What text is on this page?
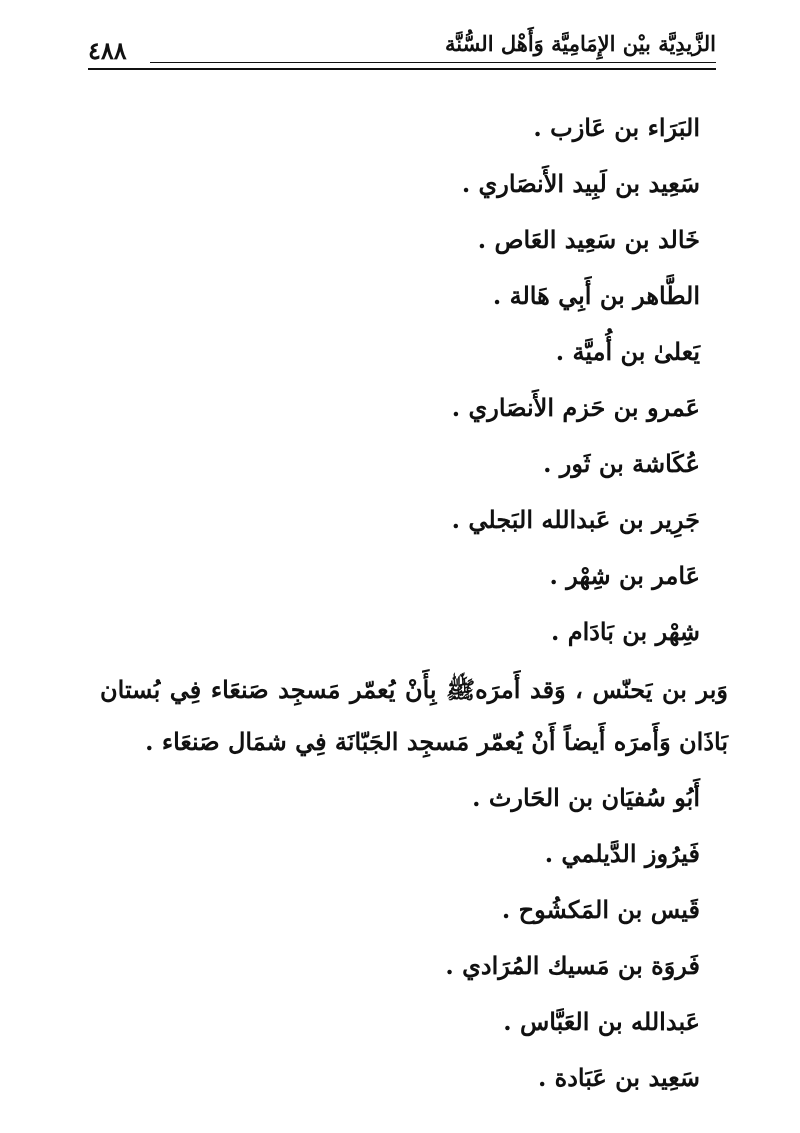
الزَّيدِيَّة بيْن الإِمَامِيَّة وَأَهْل السُّنَّة
٤٨٨
البَرَاء بن عَازب .
سَعِيد بن لَبِيد الأَنصَاري .
خَالد بن سَعِيد العَاص .
الطَّاهر بن أَبِي هَالة .
يَعلىٰ بن أُميَّة .
عَمرو بن حَزم الأَنصَاري .
عُكَاشة بن ثَور .
جَرِير بن عَبدالله البَجلي .
عَامر بن شِهْر .
شِهْر بن بَادَام .
وَبر بن يَحنّس ، وَقد أَمرَهﷺ بِأَنْ يُعمّر مَسجِد صَنعَاء فِي بُستان بَاذَان وَأَمرَه أَيضاً أَنْ يُعمّر مَسجِد الجَبّانَة فِي شمَال صَنعَاء .
أَبُو سُفيَان بن الحَارث .
فَيرُوز الدَّيلمي .
قَيس بن المَكشُوح .
فَروَة بن مَسيك المُرَادي .
عَبدالله بن العَبَّاس .
سَعِيد بن عَبَادة .
